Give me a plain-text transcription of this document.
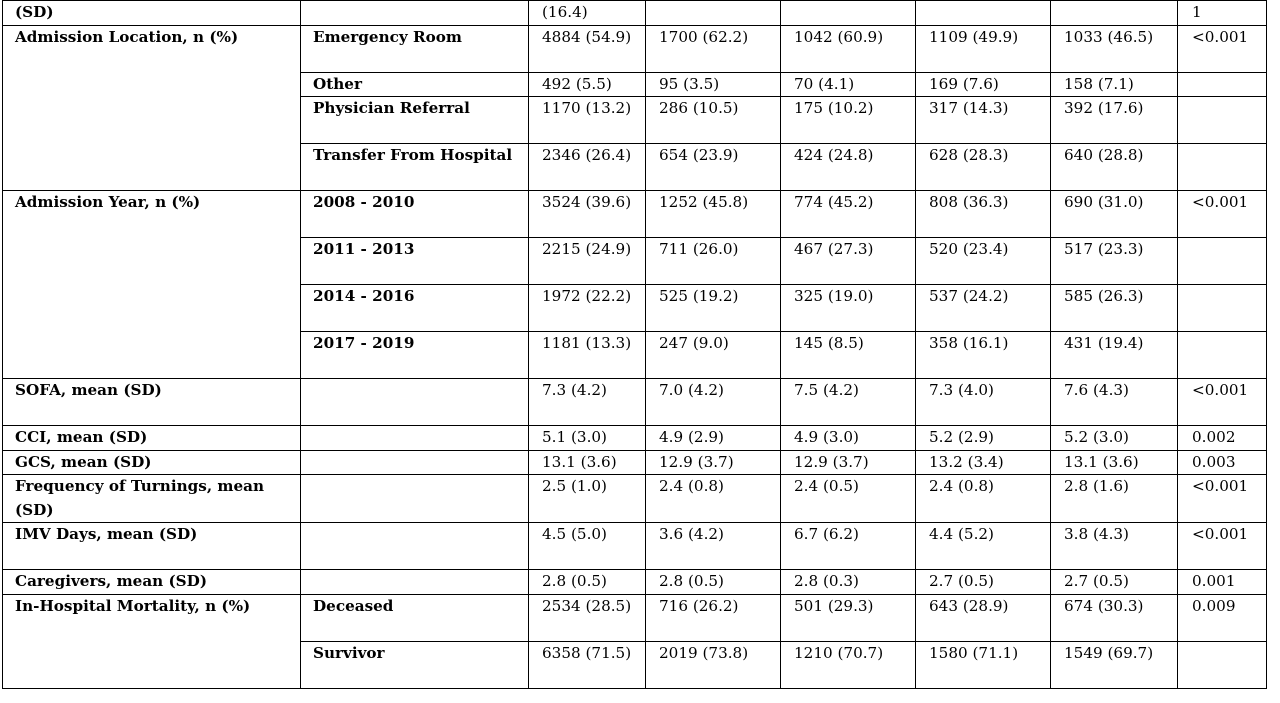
(SD)		(16.4)					1
Admission Location, n (%)	Emergency Room	4884 (54.9)	1700 (62.2)	1042 (60.9)	1109 (49.9)	1033 (46.5)	<0.001
	Other	492 (5.5)	95 (3.5)	70 (4.1)	169 (7.6)	158 (7.1)	
	Physician Referral	1170 (13.2)	286 (10.5)	175 (10.2)	317 (14.3)	392 (17.6)	
	Transfer From Hospital	2346 (26.4)	654 (23.9)	424 (24.8)	628 (28.3)	640 (28.8)	
Admission Year, n (%)	2008 - 2010	3524 (39.6)	1252 (45.8)	774 (45.2)	808 (36.3)	690 (31.0)	<0.001
	2011 - 2013	2215 (24.9)	711 (26.0)	467 (27.3)	520 (23.4)	517 (23.3)	
	2014 - 2016	1972 (22.2)	525 (19.2)	325 (19.0)	537 (24.2)	585 (26.3)	
	2017 - 2019	1181 (13.3)	247 (9.0)	145 (8.5)	358 (16.1)	431 (19.4)	
SOFA, mean (SD)		7.3 (4.2)	7.0 (4.2)	7.5 (4.2)	7.3 (4.0)	7.6 (4.3)	<0.001
CCI, mean (SD)		5.1 (3.0)	4.9 (2.9)	4.9 (3.0)	5.2 (2.9)	5.2 (3.0)	0.002
GCS, mean (SD)		13.1 (3.6)	12.9 (3.7)	12.9 (3.7)	13.2 (3.4)	13.1 (3.6)	0.003
Frequency of Turnings, mean (SD)		2.5 (1.0)	2.4 (0.8)	2.4 (0.5)	2.4 (0.8)	2.8 (1.6)	<0.001
IMV Days, mean (SD)		4.5 (5.0)	3.6 (4.2)	6.7 (6.2)	4.4 (5.2)	3.8 (4.3)	<0.001
Caregivers, mean (SD)		2.8 (0.5)	2.8 (0.5)	2.8 (0.3)	2.7 (0.5)	2.7 (0.5)	0.001
In-Hospital Mortality, n (%)	Deceased	2534 (28.5)	716 (26.2)	501 (29.3)	643 (28.9)	674 (30.3)	0.009
	Survivor	6358 (71.5)	2019 (73.8)	1210 (70.7)	1580 (71.1)	1549 (69.7)	
